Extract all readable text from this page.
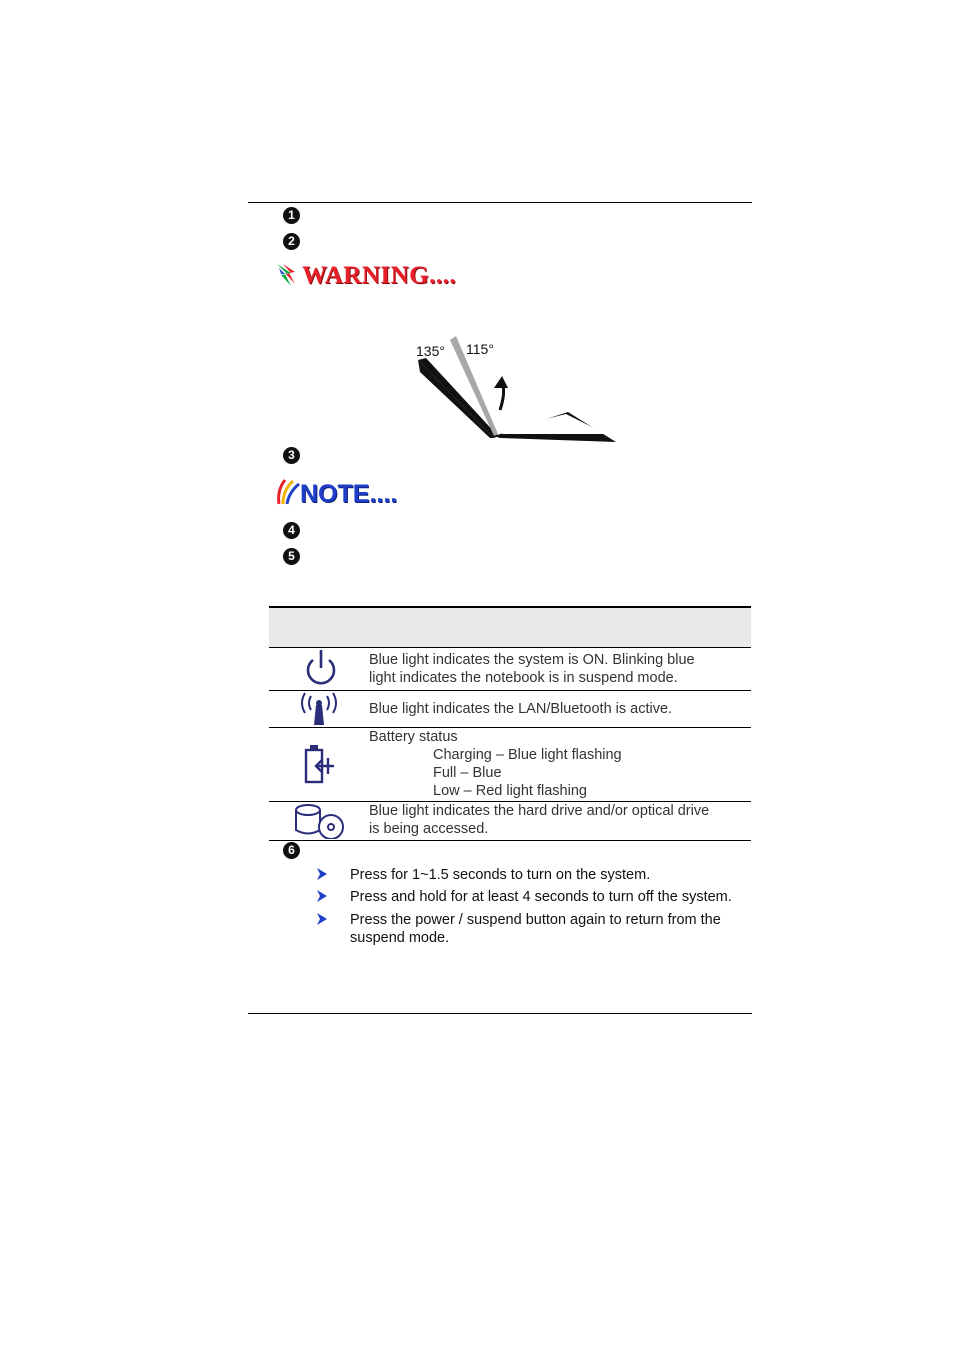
1
2
WARNING....
135° 115°
3
NOTE....
4
5
Blue light indicates the system is ON. Blinking blue
light indicates the notebook is in suspend mode.
Blue light indicates the LAN/Bluetooth is active.
Battery status
Charging – Blue light flashing
Full – Blue
Low – Red light flashing
Blue light indicates the hard drive and/or optical drive
is being accessed.
6
Press for 1~1.5 seconds to turn on the system.
Press and hold for at least 4 seconds to turn off the system.
Press the power / suspend button again to return from the suspend mode.
